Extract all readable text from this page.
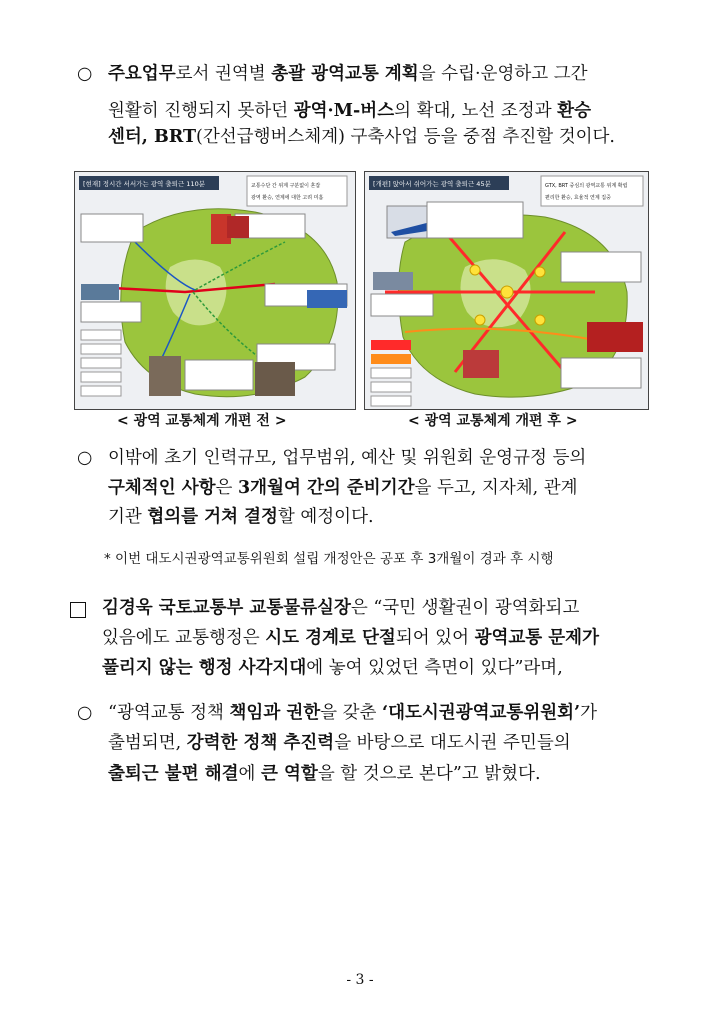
○ 주요업무로서 권역별 총괄 광역교통 계획을 수립·운영하고 그간
원활히 진행되지 못하던 광역·M-버스의 확대, 노선 조정과 환승
센터, BRT(간선급행버스체계) 구축사업 등을 중점 추진할 것이다.
[현재] 정시간 서서가는 광역 출퇴근 110분	교통수단 간 위계 구분없이 혼잡
광역 환승, 연계에 대한 고려 미흡
< 광역 교통체계 개편 전 >
[개편] 앉아서 쉬어가는 광역 출퇴근 45분	GTX, BRT 중심의 광역교통 위계 확립
편리한 환승, 효율적 연계 집중
< 광역 교통체계 개편 후 >
○ 이밖에 초기 인력규모, 업무범위, 예산 및 위원회 운영규정 등의
구체적인 사항은 3개월여 간의 준비기간을 두고, 지자체, 관계
기관 협의를 거쳐 결정할 예정이다.
* 이번 대도시권광역교통위원회 설립 개정안은 공포 후 3개월이 경과 후 시행
김경욱 국토교통부 교통물류실장은 “국민 생활권이 광역화되고
있음에도 교통행정은 시도 경계로 단절되어 있어 광역교통 문제가
풀리지 않는 행정 사각지대에 놓여 있었던 측면이 있다”라며,
○ “광역교통 정책 책임과 권한을 갖춘 ‘대도시권광역교통위원회’가
출범되면, 강력한 정책 추진력을 바탕으로 대도시권 주민들의
출퇴근 불편 해결에 큰 역할을 할 것으로 본다”고 밝혔다.
- 3 -
